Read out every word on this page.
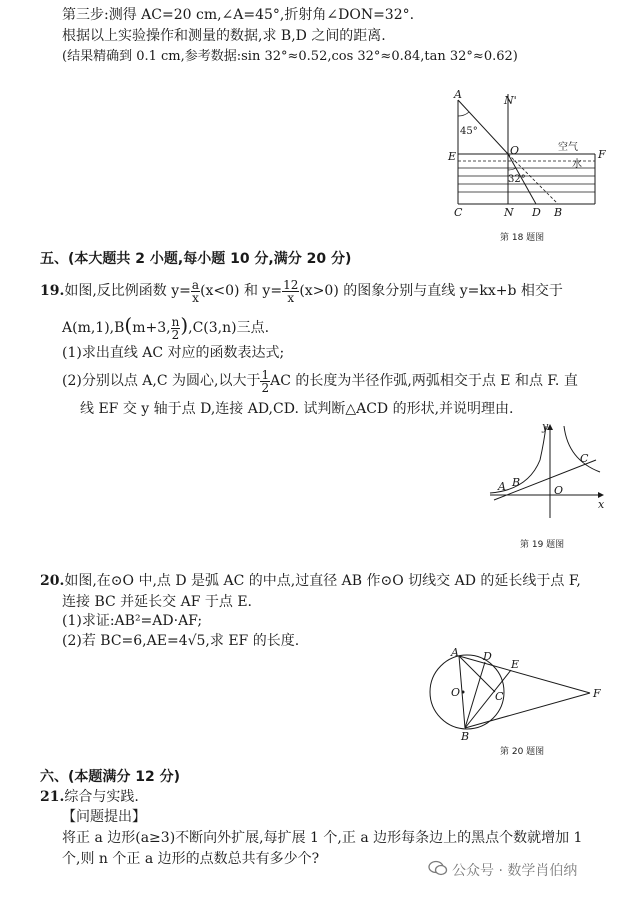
第三步:测得 AC=20 cm,∠A=45°,折射角∠DON=32°.
根据以上实验操作和测量的数据,求 B,D 之间的距离.
(结果精确到 0.1 cm,参考数据:sin 32°≈0.52,cos 32°≈0.84,tan 32°≈0.62)
A	N'
45°
E	O	F
空气
水
32°
C	N D B
第 18 题图
五、(本大题共 2 小题,每小题 10 分,满分 20 分)
19.如图,反比例函数 $y= \frac{a}{x} (x<0)$ 和 $y= \frac{12}{x} (x>0)$ 的图象分别与直线 y=kx+b 相交于
A(m,1),B(m+3, $\frac{n}{2} ),C(3,n)$三点.
(1)求出直线 AC 对应的函数表达式;
(2)分别以点 A,C 为圆心,以大于 $\frac{1}{2}$ AC 的长度为半径作弧,两弧相交于点 E 和点 F. 直
线 EF 交 y 轴于点 D,连接 AD,CD. 试判断△ACD 的形状,并说明理由.
y
C
A B
O
x
第 19 题图
20.如图,在⊙O 中,点 D 是弧 AC 的中点,过直径 AB 作⊙O 切线交 AD 的延长线于点 F,
连接 BC 并延长交 AF 于点 E.
(1)求证:AB²=AD·AF;
(2)若 BC=6,AE=4√5,求 EF 的长度.
A D
E
O	C	F
B
第 20 题图
六、(本题满分 12 分)
21.综合与实践.
【问题提出】
将正 a 边形(a≥3)不断向外扩展,每扩展 1 个,正 a 边形每条边上的黑点个数就增加 1
个,则 n 个正 a 边形的点数总共有多少个?
公众号 · 数学肖伯纳
